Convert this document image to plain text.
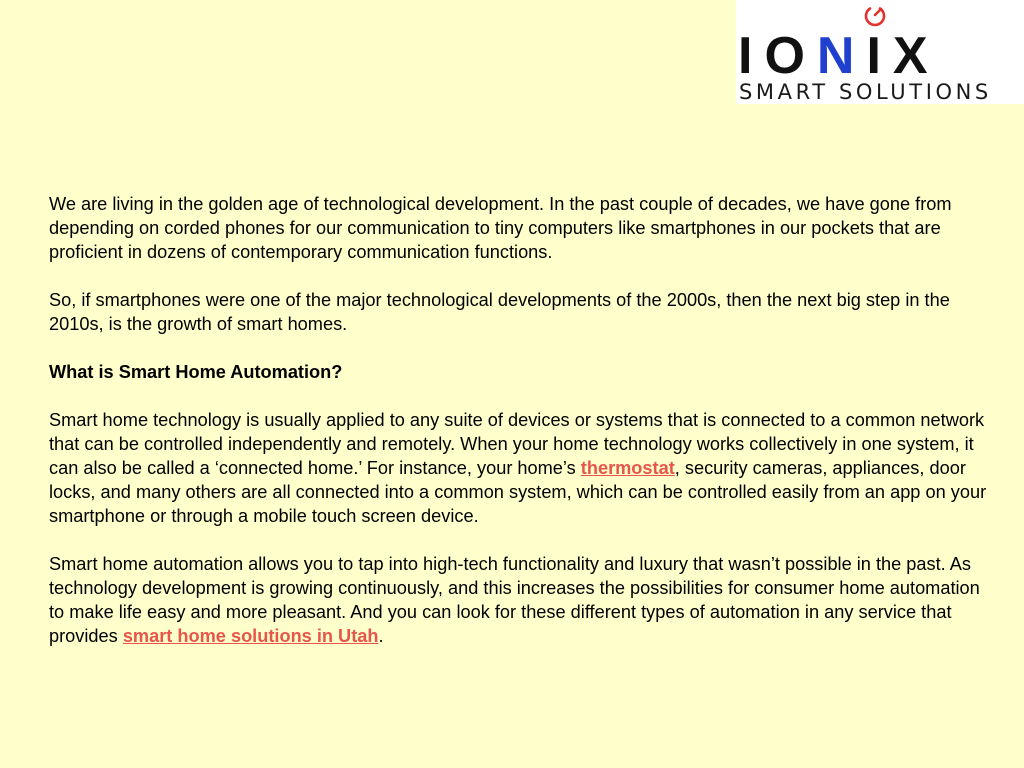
IONIX
SMART SOLUTIONS

We are living in the golden age of technological development. In the past couple of decades, we have gone from depending on corded phones for our communication to tiny computers like smartphones in our pockets that are proficient in dozens of contemporary communication functions.

So, if smartphones were one of the major technological developments of the 2000s, then the next big step in the 2010s, is the growth of smart homes.

What is Smart Home Automation?

Smart home technology is usually applied to any suite of devices or systems that is connected to a common network that can be controlled independently and remotely. When your home technology works collectively in one system, it can also be called a ‘connected home.’ For instance, your home’s thermostat, security cameras, appliances, door locks, and many others are all connected into a common system, which can be controlled easily from an app on your smartphone or through a mobile touch screen device.

Smart home automation allows you to tap into high-tech functionality and luxury that wasn’t possible in the past. As technology development is growing continuously, and this increases the possibilities for consumer home automation to make life easy and more pleasant. And you can look for these different types of automation in any service that provides smart home solutions in Utah.
